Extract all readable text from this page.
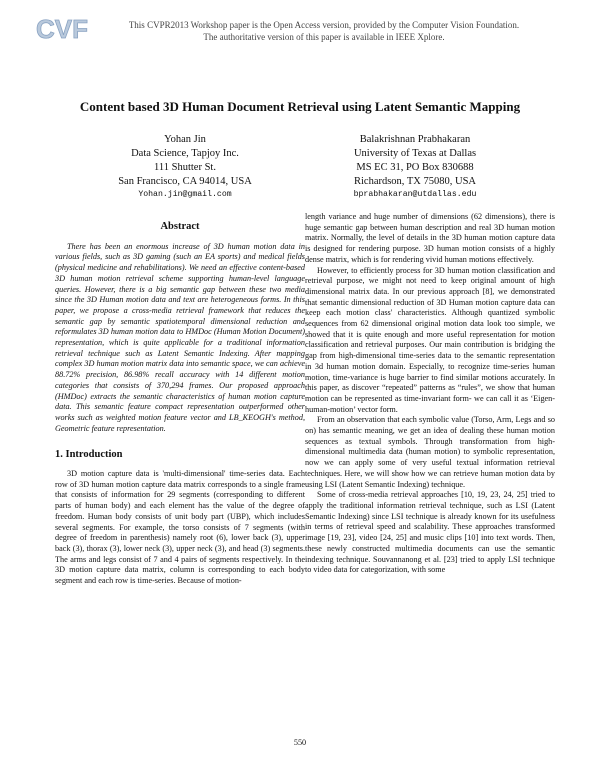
CVF	This CVPR2013 Workshop paper is the Open Access version, provided by the Computer Vision Foundation.
The authoritative version of this paper is available in IEEE Xplore.
Content based 3D Human Document Retrieval using Latent Semantic Mapping
Yohan Jin
Data Science, Tapjoy Inc.
111 Shutter St.
San Francisco, CA 94014, USA
Yohan.jin@gmail.com
Balakrishnan Prabhakaran
University of Texas at Dallas
MS EC 31, PO Box 830688
Richardson, TX 75080, USA
bprabhakaran@utdallas.edu
Abstract

There has been an enormous increase of 3D human motion data in various fields, such as 3D gaming (such an EA sports) and medical fields (physical medicine and rehabilitations). We need an effective content-based 3D human motion retrieval scheme supporting human-level language queries. However, there is a big semantic gap between these two media since the 3D Human motion data and text are heterogeneous forms. In this paper, we propose a cross-media retrieval framework that reduces the semantic gap by semantic spatiotemporal dimensional reduction and reformulates 3D human motion data to HMDoc (Human Motion Document) representation, which is quite applicable for a traditional information retrieval technique such as Latent Semantic Indexing. After mapping complex 3D human motion matrix data into semantic space, we can achieve 88.72% precision, 86.98% recall accuracy with 14 different motion categories that consists of 370,294 frames. Our proposed approach (HMDoc) extracts the semantic characteristics of human motion capture data. This semantic feature compact representation outperformed other works such as weighted motion feature vector and LB_KEOGH's method, Geometric feature representation.

1. Introduction

3D motion capture data is 'multi-dimensional' time-series data. Each row of 3D human motion capture data matrix corresponds to a single frame that consists of information for 29 segments (corresponding to different parts of human body) and each element has the value of the degree of freedom. Human body consists of unit body part (UBP), which includes several segments. For example, the torso consists of 7 segments (with degree of freedom in parenthesis) namely root (6), lower back (3), upper back (3), thorax (3), lower neck (3), upper neck (3), and head (3) segments. The arms and legs consist of 7 and 4 pairs of segments respectively. In the 3D motion capture data matrix, column is corresponding to each body segment and each row is time-series. Because of motion-

length variance and huge number of dimensions (62 dimensions), there is huge semantic gap between human description and real 3D human motion matrix. Normally, the level of details in the 3D human motion capture data is designed for rendering purpose. 3D human motion consists of a highly dense matrix, which is for rendering vivid human motions effectively.

However, to efficiently process for 3D human motion classification and retrieval purpose, we might not need to keep original amount of high dimensional matrix data. In our previous approach [8], we demonstrated that semantic dimensional reduction of 3D Human motion capture data can keep each motion class' characteristics. Although quantized symbolic sequences from 62 dimensional original motion data look too simple, we showed that it is quite enough and more useful representation for motion classification and retrieval purposes. Our main contribution is bridging the gap from high-dimensional time-series data to the semantic representation in 3d human motion domain. Especially, to recognize time-series human motion, time-variance is huge barrier to find similar motions accurately. In this paper, as discover “repeated” patterns as “rules”, we show that human motion can be represented as time-invariant form- we can call it as ‘Eigen-human-motion’ vector form.

From an observation that each symbolic value (Torso, Arm, Legs and so on) has semantic meaning, we get an idea of dealing these human motion sequences as textual symbols. Through transformation from high-dimensional multimedia data (human motion) to symbolic representation, now we can apply some of very useful textual information retrieval techniques. Here, we will show how we can retrieve human motion data by using LSI (Latent Semantic Indexing) technique.

Some of cross-media retrieval approaches [10, 19, 23, 24, 25] tried to apply the traditional information retrieval technique, such as LSI (Latent Semantic Indexing) since LSI technique is already known for its usefulness in terms of retrieval speed and scalability. These approaches transformed image [19, 23], video [24, 25] and music clips [10] into text words. Then, these newly constructed multimedia documents can use the semantic indexing technique. Souvannanong et al. [23] tried to apply LSI technique to video data for categorization, with some

550
